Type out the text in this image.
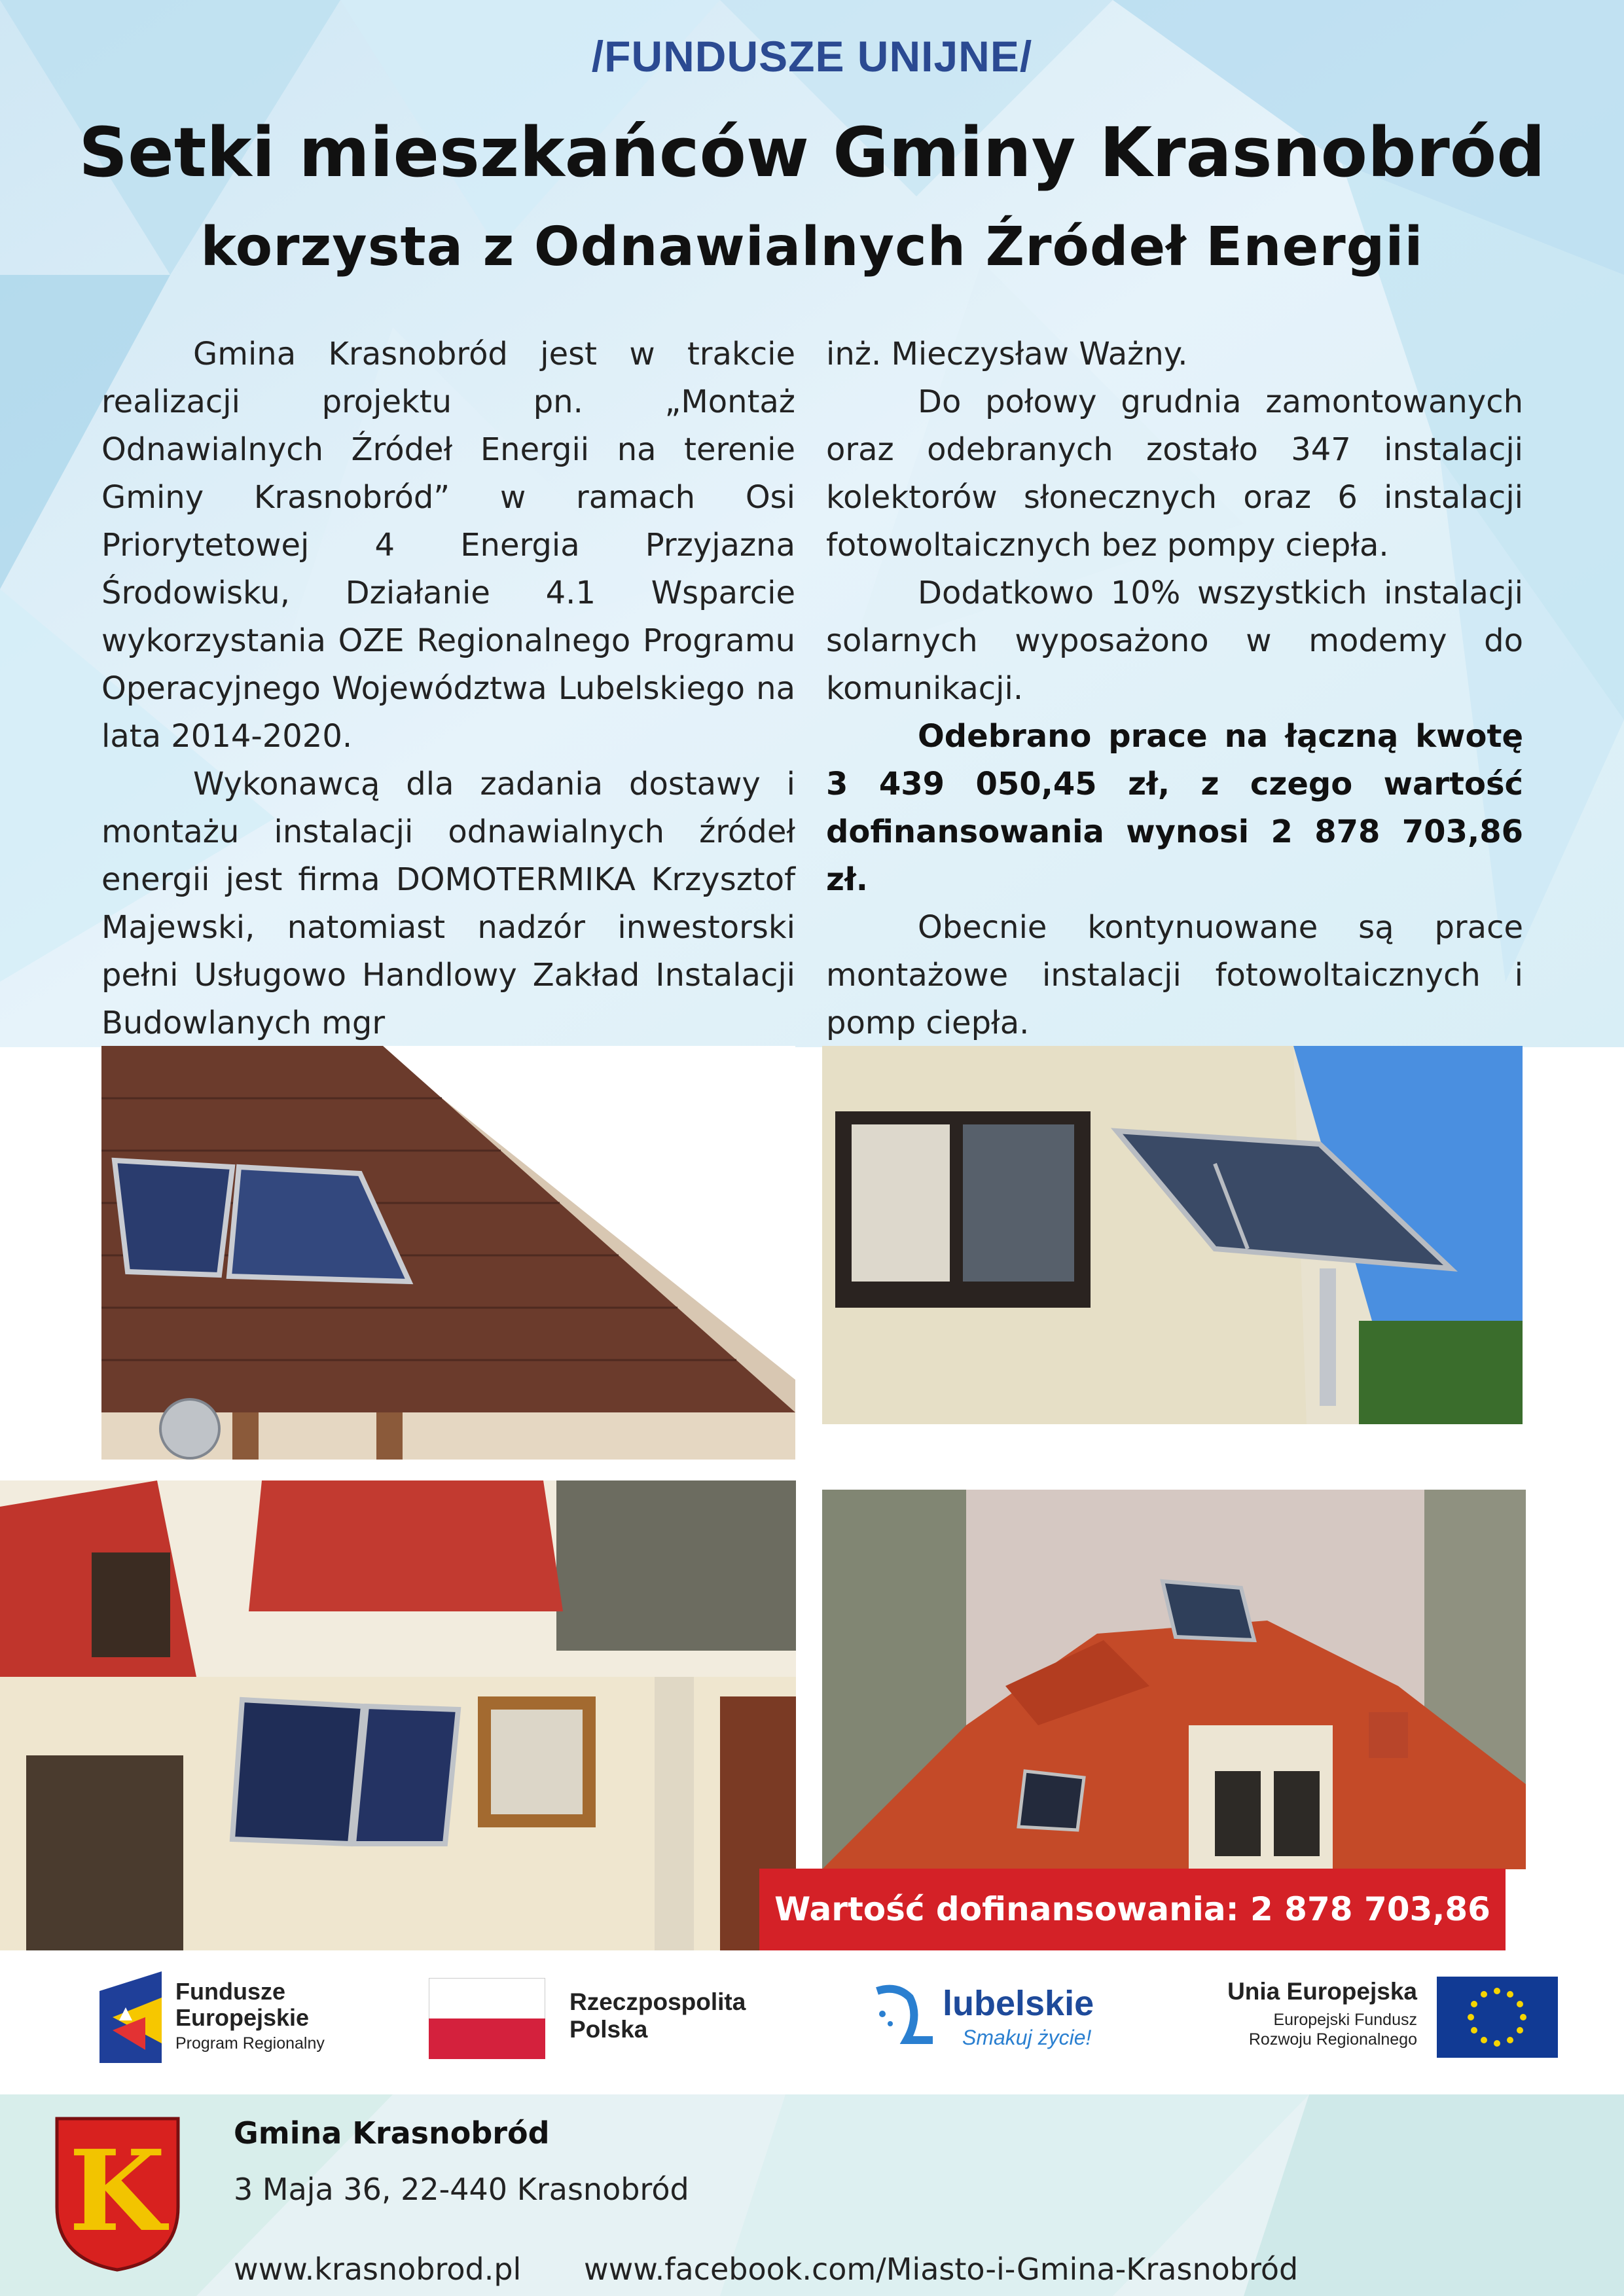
/FUNDUSZE UNIJNE/
Setki mieszkańców Gminy Krasnobród
korzysta z Odnawialnych Źródeł Energii

Gmina Krasnobród jest w trakcie realizacji projektu pn. „Montaż Odnawialnych Źródeł Energii na terenie Gminy Krasnobród” w ramach Osi Priorytetowej 4 Energia Przyjazna Środowisku, Działanie 4.1 Wsparcie wykorzystania OZE Regionalnego Programu Operacyjnego Województwa Lubelskiego na lata 2014-2020.

Wykonawcą dla zadania dostawy i montażu instalacji odnawialnych źródeł energii jest firma DOMOTERMIKA Krzysztof Majewski, natomiast nadzór inwestorski pełni Usługowo Handlowy Zakład Instalacji Budowlanych mgr

inż. Mieczysław Ważny.

Do połowy grudnia zamontowanych oraz odebranych zostało 347 instalacji kolektorów słonecznych oraz 6 instalacji fotowoltaicznych bez pompy ciepła.

Dodatkowo 10% wszystkich instalacji solarnych wyposażono w modemy do komunikacji.

Odebrano prace na łączną kwotę 3 439 050,45 zł, z czego wartość dofinansowania wynosi 2 878 703,86 zł.

Obecnie kontynuowane są prace montażowe instalacji fotowoltaicznych i pomp ciepła.

Wartość dofinansowania: 2 878 703,86
Fundusze
Europejskie
Program Regionalny
Rzeczpospolita
Polska
lubelskie
Smakuj życie!
Unia Europejska
Europejski Fundusz
Rozwoju Regionalnego
K Gmina Krasnobród
3 Maja 36, 22-440 Krasnobród
www.krasnobrod.pl www.facebook.com/Miasto-i-Gmina-Krasnobród
